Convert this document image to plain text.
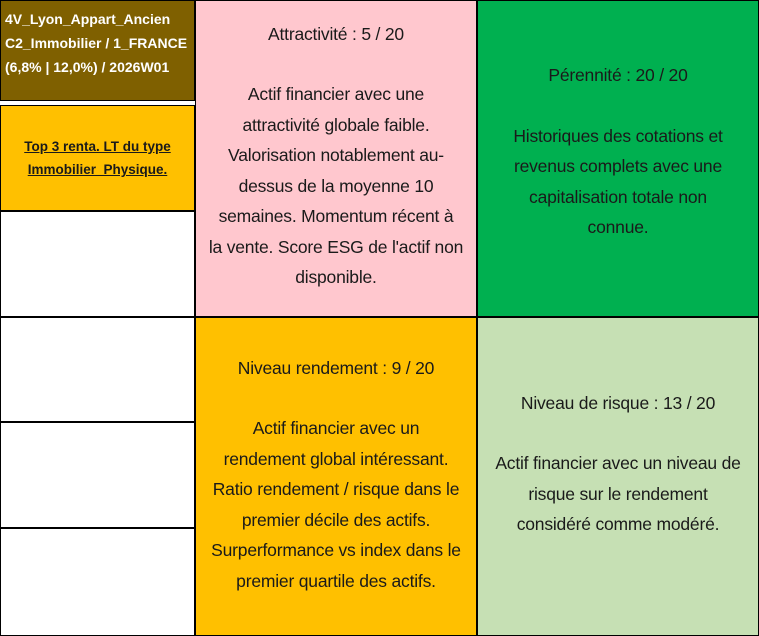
4V_Lyon_Appart_Ancien
C2_Immobilier / 1_FRANCE
(6,8% | 12,0%) / 2026W01
Top 3 renta. LT du type
Immobilier_Physique.

Attractivité : 5 / 20

Actif financier avec une
attractivité globale faible.
Valorisation notablement au-
dessus de la moyenne 10
semaines. Momentum récent à
la vente. Score ESG de l'actif non
disponible.

Pérennité : 20 / 20

Historiques des cotations et
revenus complets avec une
capitalisation totale non
connue.

Niveau rendement : 9 / 20

Actif financier avec un
rendement global intéressant.
Ratio rendement / risque dans le
premier décile des actifs.
Surperformance vs index dans le
premier quartile des actifs.

Niveau de risque : 13 / 20

Actif financier avec un niveau de
risque sur le rendement
considéré comme modéré.
